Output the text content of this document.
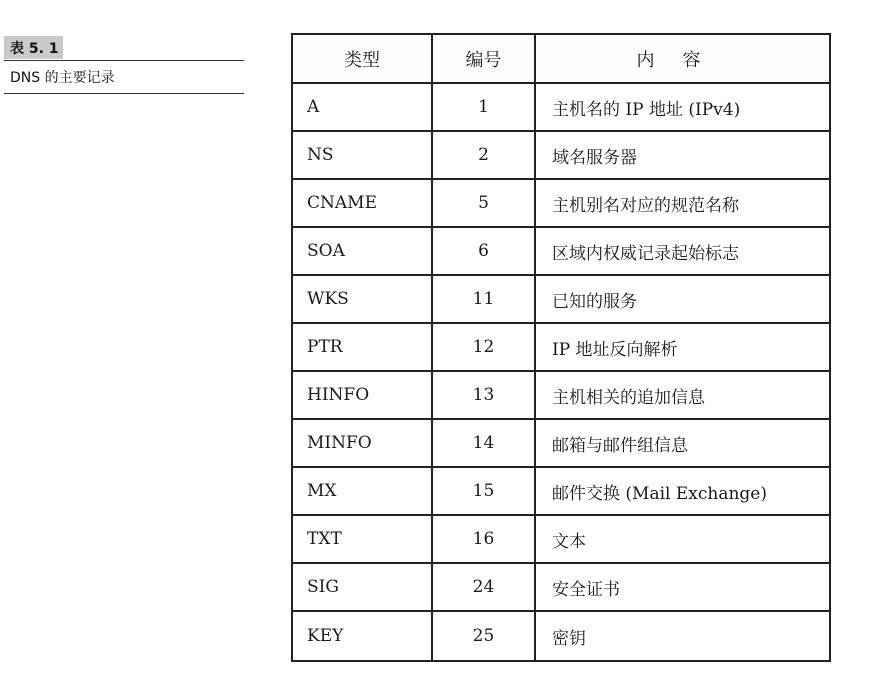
表 5. 1
DNS 的主要记录
类型	编号	内容
A	1	主机名的 IP 地址 (IPv4)
NS	2	域名服务器
CNAME	5	主机别名对应的规范名称
SOA	6	区域内权威记录起始标志
WKS	11	已知的服务
PTR	12	IP 地址反向解析
HINFO	13	主机相关的追加信息
MINFO	14	邮箱与邮件组信息
MX	15	邮件交换 (Mail Exchange)
TXT	16	文本
SIG	24	安全证书
KEY	25	密钥
